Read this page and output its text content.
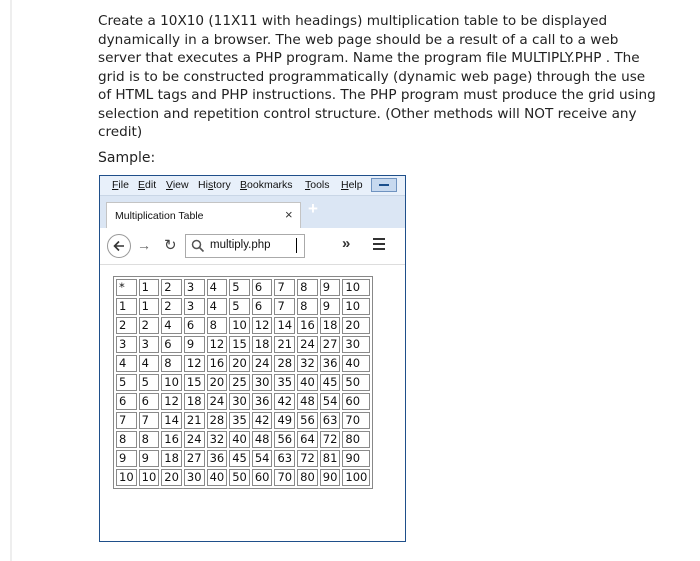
Create a 10X10 (11X11 with headings) multiplication table to be displayed dynamically in a browser. The web page should be a result of a call to a web server that executes a PHP program. Name the program file MULTIPLY.PHP . The grid is to be constructed programmatically (dynamic web page) through the use of HTML tags and PHP instructions. The PHP program must produce the grid using selection and repetition control structure. (Other methods will NOT receive any credit)

Sample:

File Edit View History Bookmarks Tools Help
Multiplication Table	× +
→ ↻	multiply.php	»
*	1	2	3	4	5	6	7	8	9	10
1	1	2	3	4	5	6	7	8	9	10
2	2	4	6	8	10	12	14	16	18	20
3	3	6	9	12	15	18	21	24	27	30
4	4	8	12	16	20	24	28	32	36	40
5	5	10	15	20	25	30	35	40	45	50
6	6	12	18	24	30	36	42	48	54	60
7	7	14	21	28	35	42	49	56	63	70
8	8	16	24	32	40	48	56	64	72	80
9	9	18	27	36	45	54	63	72	81	90
10	10	20	30	40	50	60	70	80	90	100
